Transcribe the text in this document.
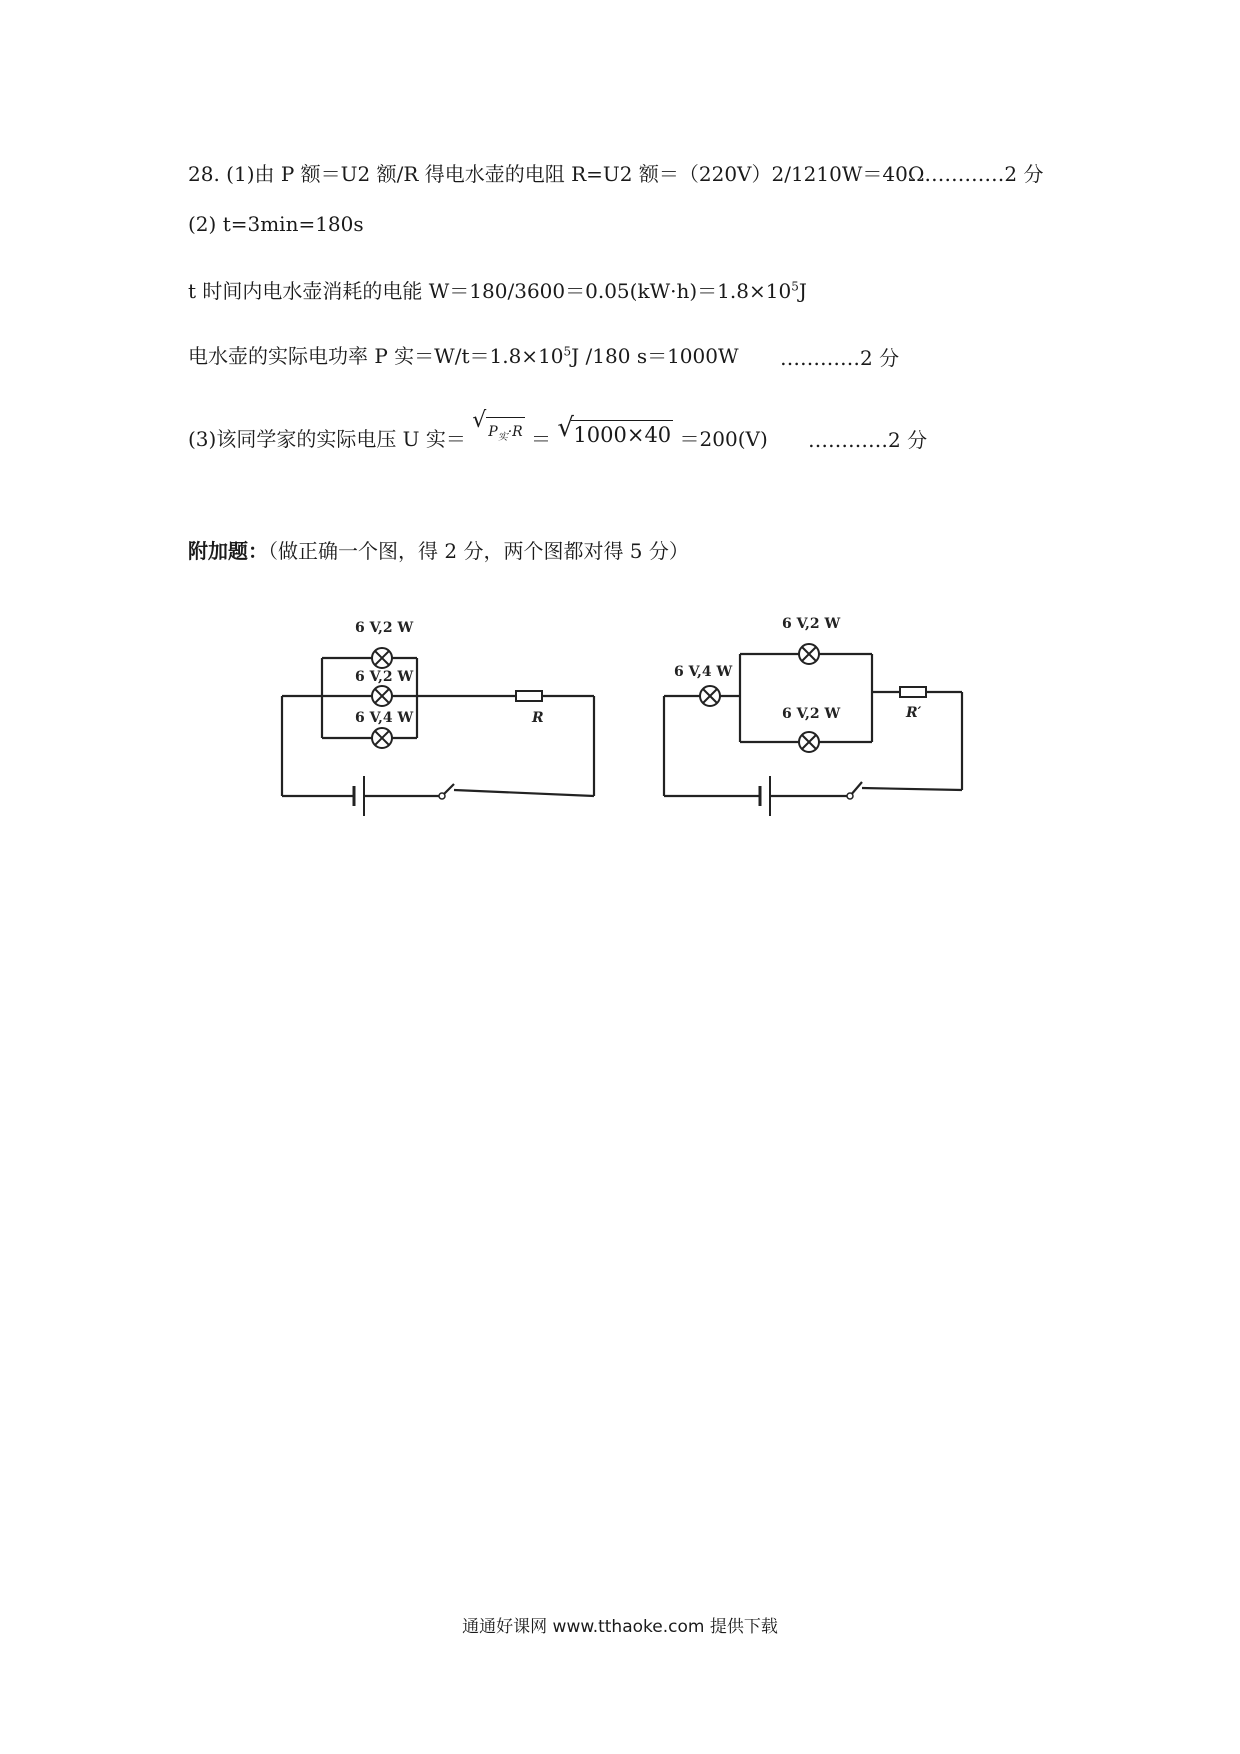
28. (1)由 P 额＝U2 额/R 得电水壶的电阻 R=U2 额＝（220V）2/1210W＝40Ω…………2 分
(2) t=3min=180s
t 时间内电水壶消耗的电能 $W=180/3600=0.05(kW\cdot h)=1.8\times 10^5J$
电水壶的实际电功率 P 实$=W/t=1.8\times 10^5J$ /180 s＝1000W …………2 分
(3)该同学家的实际电压 U 实＝
√ $P_实\cdot R$ ＝ √ 1000×40 ＝200(V) …………2 分
附加题：（做正确一个图，得 2 分，两个图都对得 5 分）
6 V,2 W
6 V,2 W
6 V,4 W	R
6 V,4 W
6 V,2 W
6 V,2 W	R′
通通好课网 www.tthaoke.com 提供下载
